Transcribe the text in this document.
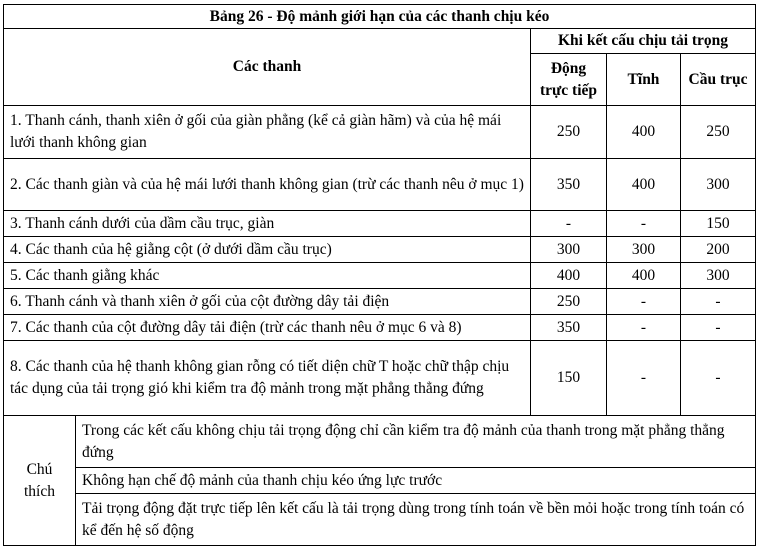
Bảng 26 - Độ mảnh giới hạn của các thanh chịu kéo				
Các thanh		Khi kết cấu chịu tải trọng		
		Động trực tiếp	Tĩnh	Cầu trục
1. Thanh cánh, thanh xiên ở gối của giàn phẳng (kể cả giàn hãm) và của hệ mái lưới thanh không gian		250	400	250
2. Các thanh giàn và của hệ mái lưới thanh không gian (trừ các thanh nêu ở mục 1)		350	400	300
3. Thanh cánh dưới của dầm cầu trục, giàn		-	-	150
4. Các thanh của hệ giằng cột (ở dưới dầm cầu trục)		300	300	200
5. Các thanh giằng khác		400	400	300
6. Thanh cánh và thanh xiên ở gối của cột đường dây tải điện		250	-	-
7. Các thanh của cột đường dây tải điện (trừ các thanh nêu ở mục 6 và 8)		350	-	-
8. Các thanh của hệ thanh không gian rỗng có tiết diện chữ T hoặc chữ thập chịu tác dụng của tải trọng gió khi kiểm tra độ mảnh trong mặt phẳng thẳng đứng		150	-	-
Chú thích	Trong các kết cấu không chịu tải trọng động chỉ cần kiểm tra độ mảnh của thanh trong mặt phẳng thẳng đứng			
	Không hạn chế độ mảnh của thanh chịu kéo ứng lực trước			
	Tải trọng động đặt trực tiếp lên kết cấu là tải trọng dùng trong tính toán về bền mỏi hoặc trong tính toán có kể đến hệ số động			
